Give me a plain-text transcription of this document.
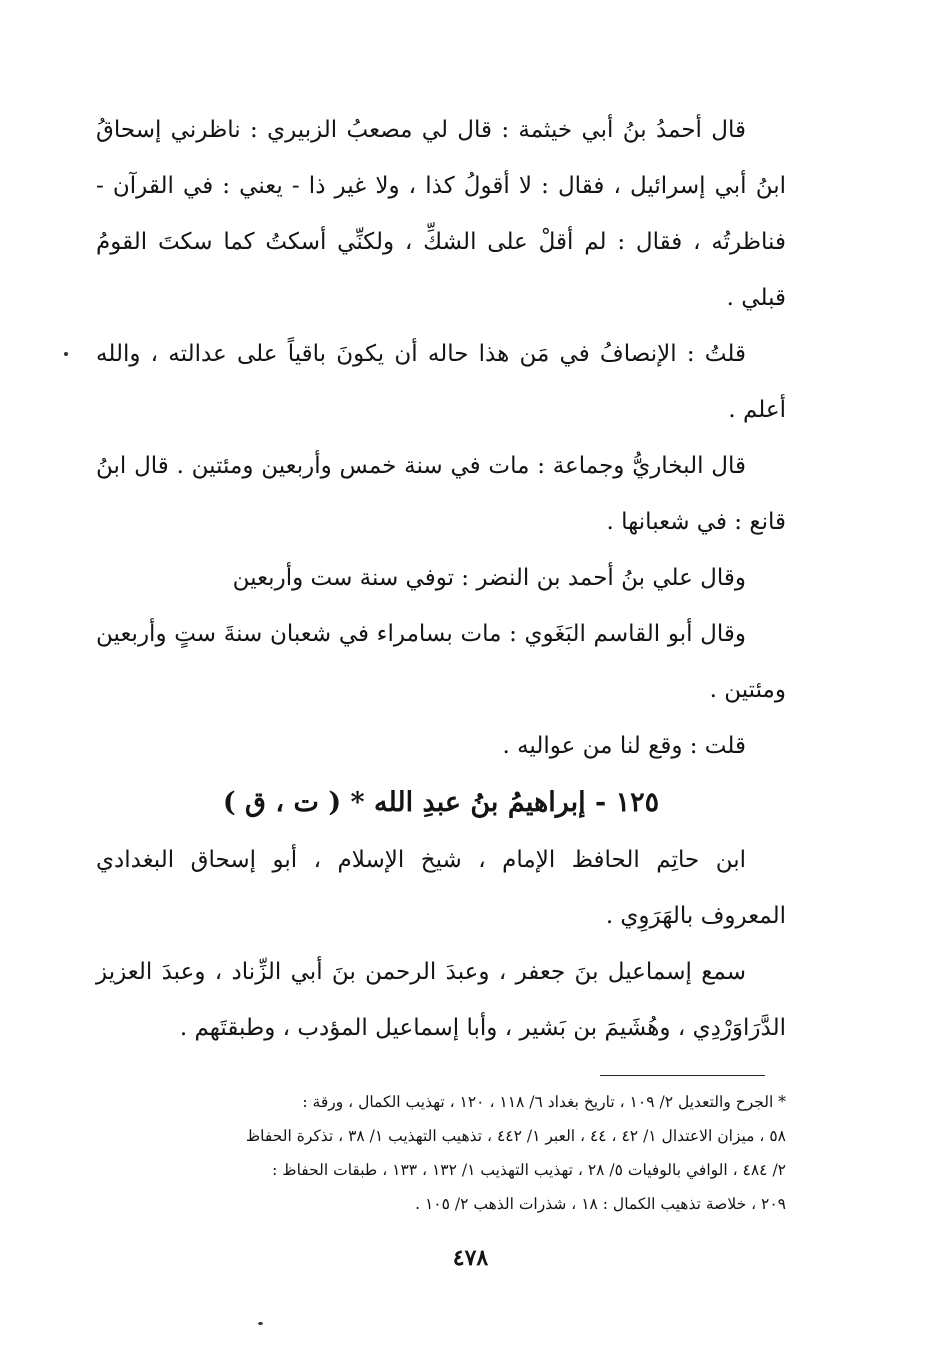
قال أحمدُ بنُ أبي خيثمة : قال لي مصعبُ الزبيري : ناظرني إسحاقُ ابنُ أبي إسرائيل ، فقال : لا أقولُ كذا ، ولا غير ذا - يعني : في القرآن - فناظرتُه ، فقال : لم أقلْ على الشكِّ ، ولكنِّي أسكتُ كما سكتَ القومُ قبلي .

قلتُ : الإنصافُ في مَن هذا حاله أن يكونَ باقياً على عدالته ، والله أعلم .

قال البخاريُّ وجماعة : مات في سنة خمس وأربعين ومئتين . قال ابنُ قانع : في شعبانها .

وقال علي بنُ أحمد بن النضر : توفي سنة ست وأربعين

وقال أبو القاسم البَغَوي : مات بسامراء في شعبان سنةَ ستٍ وأربعين ومئتين .

قلت : وقع لنا من عواليه .

١٢٥ - إبراهيمُ بنُ عبدِ الله * ( ت ، ق )

ابن حاتِم الحافظ الإمام ، شيخ الإسلام ، أبو إسحاق البغدادي المعروف بالهَرَوِي .

سمع إسماعيل بنَ جعفر ، وعبدَ الرحمن بنَ أبي الزِّناد ، وعبدَ العزيز الدَّرَاوَرْدِي ، وهُشَيمَ بن بَشير ، وأبا إسماعيل المؤدب ، وطبقتَهم .

* الجرح والتعديل ٢/ ١٠٩ ، تاريخ بغداد ٦/ ١١٨ ، ١٢٠ ، تهذيب الكمال ، ورقة :

٥٨ ، ميزان الاعتدال ١/ ٤٢ ، ٤٤ ، العبر ١/ ٤٤٢ ، تذهيب التهذيب ١/ ٣٨ ، تذكرة الحفاظ

٢/ ٤٨٤ ، الوافي بالوفيات ٥/ ٢٨ ، تهذيب التهذيب ١/ ١٣٢ ، ١٣٣ ، طبقات الحفاظ :

٢٠٩ ، خلاصة تذهيب الكمال : ١٨ ، شذرات الذهب ٢/ ١٠٥ .

٤٧٨
